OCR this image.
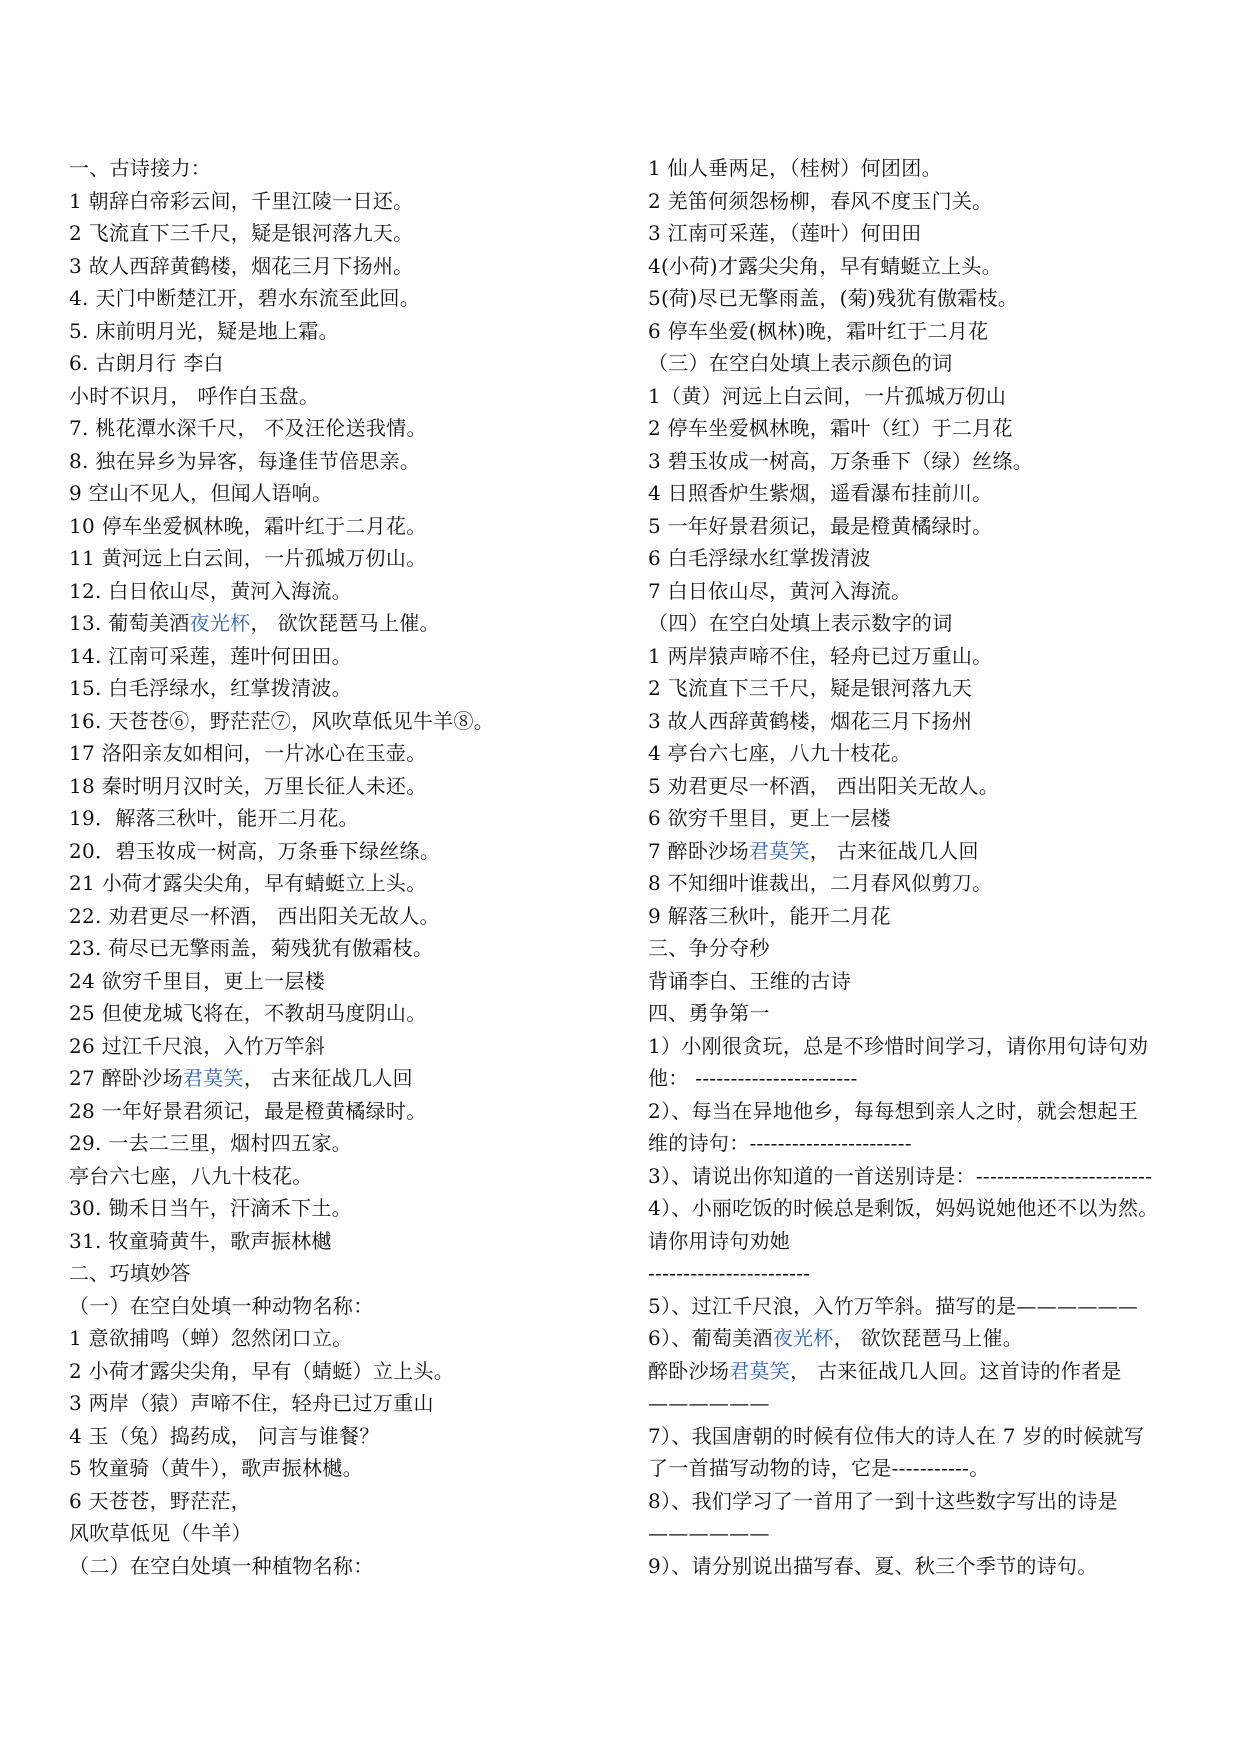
一、古诗接力：
1 朝辞白帝彩云间，千里江陵一日还。
2 飞流直下三千尺，疑是银河落九天。
3 故人西辞黄鹤楼，烟花三月下扬州。
4. 天门中断楚江开，碧水东流至此回。
5. 床前明月光，疑是地上霜。
6. 古朗月行 李白
小时不识月， 呼作白玉盘。
7. 桃花潭水深千尺， 不及汪伦送我情。
8. 独在异乡为异客，每逢佳节倍思亲。
9 空山不见人，但闻人语响。
10 停车坐爱枫林晚，霜叶红于二月花。
11 黄河远上白云间，一片孤城万仞山。
12. 白日依山尽，黄河入海流。
13. 葡萄美酒夜光杯， 欲饮琵琶马上催。
14. 江南可采莲，莲叶何田田。
15. 白毛浮绿水，红掌拨清波。
16. 天苍苍⑥，野茫茫⑦，风吹草低见牛羊⑧。
17 洛阳亲友如相问，一片冰心在玉壶。
18 秦时明月汉时关，万里长征人未还。
19．解落三秋叶，能开二月花。
20．碧玉妆成一树高，万条垂下绿丝绦。
21 小荷才露尖尖角，早有蜻蜓立上头。
22. 劝君更尽一杯酒， 西出阳关无故人。
23. 荷尽已无擎雨盖，菊残犹有傲霜枝。
24 欲穷千里目，更上一层楼
25 但使龙城飞将在，不教胡马度阴山。
26 过江千尺浪，入竹万竿斜
27 醉卧沙场君莫笑， 古来征战几人回
28 一年好景君须记，最是橙黄橘绿时。
29. 一去二三里，烟村四五家。
亭台六七座，八九十枝花。
30. 锄禾日当午，汗滴禾下土。
31. 牧童骑黄牛，歌声振林樾
二、巧填妙答
（一）在空白处填一种动物名称：
1 意欲捕鸣（蝉）忽然闭口立。
2 小荷才露尖尖角，早有（蜻蜓）立上头。
3 两岸（猿）声啼不住，轻舟已过万重山
4 玉（兔）捣药成， 问言与谁餐？
5 牧童骑（黄牛），歌声振林樾。
6 天苍苍，野茫茫，
风吹草低见（牛羊）
（二）在空白处填一种植物名称：
1 仙人垂两足，（桂树）何团团。
2 羌笛何须怨杨柳，春风不度玉门关。
3 江南可采莲，（莲叶）何田田
4(小荷)才露尖尖角，早有蜻蜓立上头。
5(荷)尽已无擎雨盖，(菊)残犹有傲霜枝。
6 停车坐爱(枫林)晚，霜叶红于二月花
（三）在空白处填上表示颜色的词
1（黄）河远上白云间，一片孤城万仞山
2 停车坐爱枫林晚，霜叶（红）于二月花
3 碧玉妆成一树高，万条垂下（绿）丝绦。
4 日照香炉生紫烟，遥看瀑布挂前川。
5 一年好景君须记，最是橙黄橘绿时。
6 白毛浮绿水红掌拨清波
7 白日依山尽，黄河入海流。
（四）在空白处填上表示数字的词
1 两岸猿声啼不住，轻舟已过万重山。
2 飞流直下三千尺，疑是银河落九天
3 故人西辞黄鹤楼，烟花三月下扬州
4 亭台六七座，八九十枝花。
5 劝君更尽一杯酒， 西出阳关无故人。
6 欲穷千里目，更上一层楼
7 醉卧沙场君莫笑， 古来征战几人回
8 不知细叶谁裁出，二月春风似剪刀。
9 解落三秋叶，能开二月花
三、争分夺秒
背诵李白、王维的古诗
四、勇争第一
1）小刚很贪玩，总是不珍惜时间学习，请你用句诗句劝
他： -----------------------
2）、每当在异地他乡，每每想到亲人之时，就会想起王
维的诗句：-----------------------
3）、请说出你知道的一首送别诗是：-------------------------
4）、小丽吃饭的时候总是剩饭，妈妈说她他还不以为然。
请你用诗句劝她
-----------------------
5）、过江千尺浪，入竹万竿斜。描写的是——————
6）、葡萄美酒夜光杯， 欲饮琵琶马上催。
醉卧沙场君莫笑， 古来征战几人回。这首诗的作者是
——————
7）、我国唐朝的时候有位伟大的诗人在 7 岁的时候就写
了一首描写动物的诗，它是-----------。
8）、我们学习了一首用了一到十这些数字写出的诗是
——————
9）、请分别说出描写春、夏、秋三个季节的诗句。
